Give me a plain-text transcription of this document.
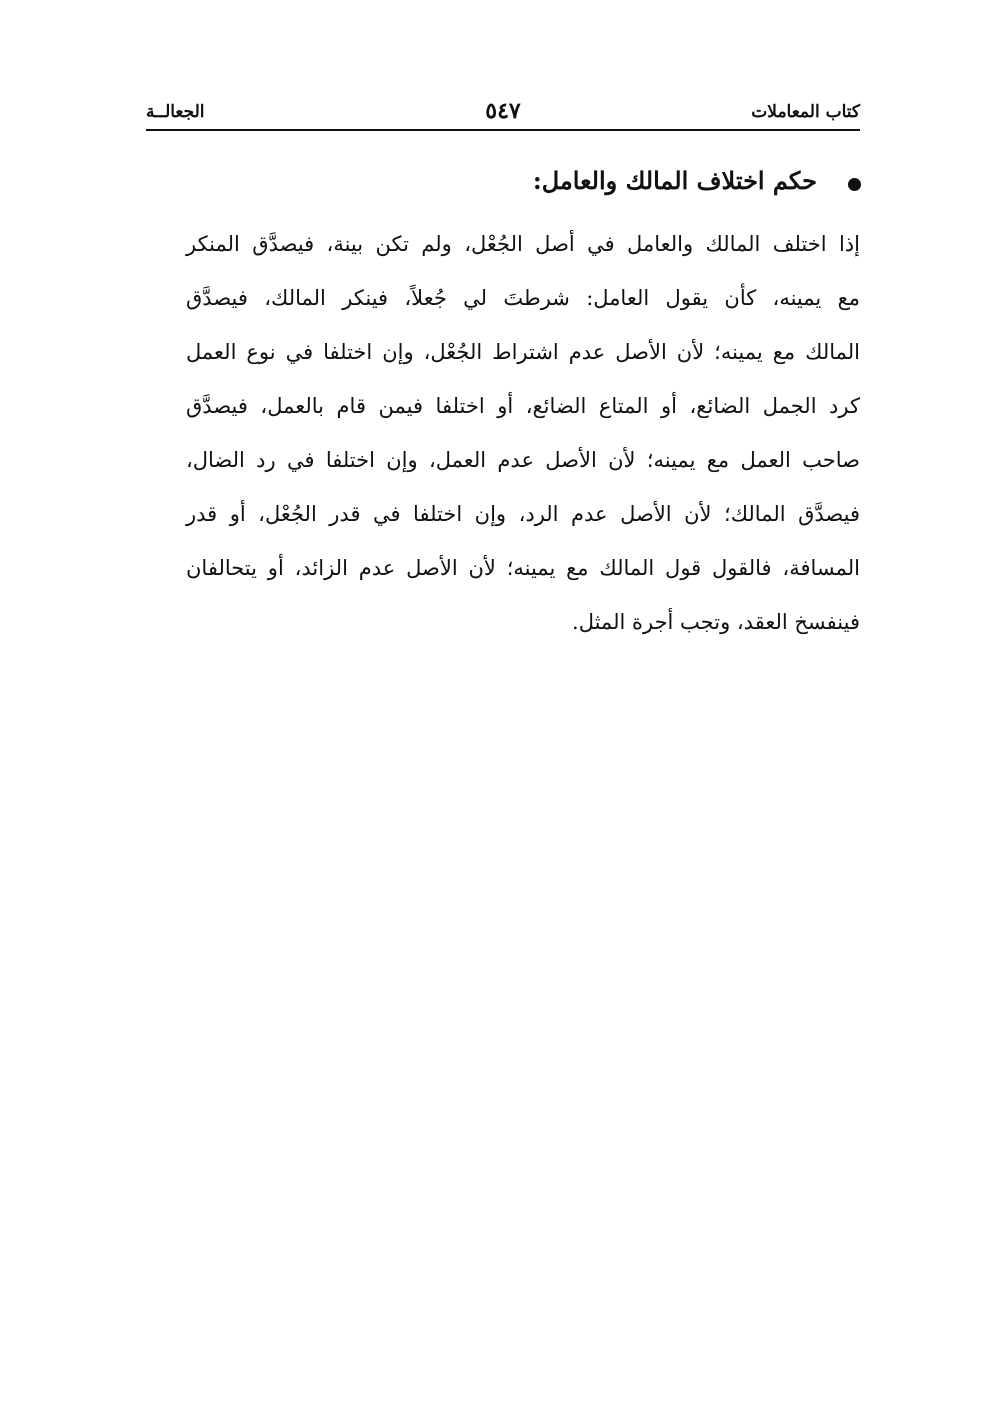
كتاب المعاملات
٥٤٧
الجعالــة
حكم اختلاف المالك والعامل:
إذا اختلف المالك والعامل في أصل الجُعْل، ولم تكن بينة، فيصدَّق المنكر
مع يمينه، كأن يقول العامل: شرطتَ لي جُعلاً، فينكر المالك، فيصدَّق
المالك مع يمينه؛ لأن الأصل عدم اشتراط الجُعْل، وإن اختلفا في نوع العمل
كرد الجمل الضائع، أو المتاع الضائع، أو اختلفا فيمن قام بالعمل، فيصدَّق
صاحب العمل مع يمينه؛ لأن الأصل عدم العمل، وإن اختلفا في رد الضال،
فيصدَّق المالك؛ لأن الأصل عدم الرد، وإن اختلفا في قدر الجُعْل، أو قدر
المسافة، فالقول قول المالك مع يمينه؛ لأن الأصل عدم الزائد، أو يتحالفان
فينفسخ العقد، وتجب أجرة المثل.
